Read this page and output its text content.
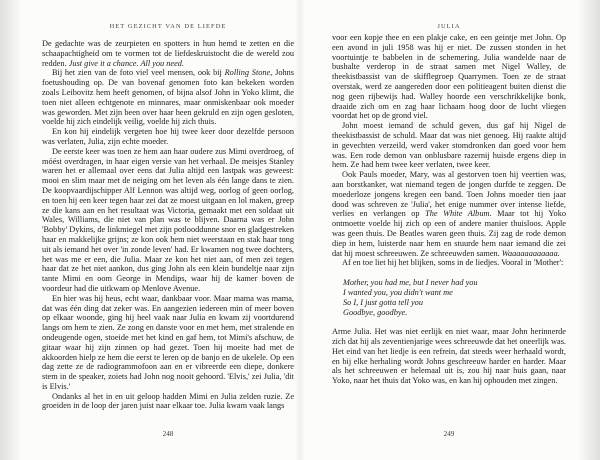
HET GEZICHT VAN DE LIEFDE

De gedachte was de zeurpieten en spotters in hun hemd te zetten en die schaapachtigheid om te vormen tot de liefdeskruistocht die de wereld zou redden. Just give it a chance. All you need.

Bij het zien van de foto viel veel mensen, ook bij Rolling Stone, Johns foetushouding op. De van bovenaf genomen foto kan bekeken worden zoals Leibovitz hem heeft genomen, of bijna alsof John in Yoko klimt, die toen niet alleen echtgenote en minnares, maar onmiskenbaar ook moeder was geworden. Met zijn been over haar heen gekruld en zijn ogen gesloten, voelde hij zich eindelijk veilig, voelde hij zich thuis.

En kon hij eindelijk vergeten hoe hij twee keer door dezelfde persoon was verlaten, Julia, zijn echte moeder.

De eerste keer was toen ze hem aan haar oudere zus Mimi overdroeg, of móést overdragen, in haar eigen versie van het verhaal. De meisjes Stanley waren het er allemaal over eens dat Julia altijd een lastpak was geweest: mooi en slim maar met de neiging om het leven als één lange dans te zien. De koopvaardijschipper Alf Lennon was altijd weg, oorlog of geen oorlog, en toen hij een keer tegen haar zei dat ze moest uitgaan en lol maken, greep ze die kans aan en het resultaat was Victoria, gemaakt met een soldaat uit Wales, Williams, die niet van plan was te blijven. Daarna was er John 'Bobby' Dykins, de linkmiegel met zijn potlooddunne snor en gladgestreken haar en makkelijke grijns; ze kon ook hem niet weerstaan en stak haar tong uit als iemand het over 'in zonde leven' had. Er kwamen nog twee dochters, het was me er een, die Julia. Maar ze kon het niet aan, of men zei tegen haar dat ze het niet aankon, dus ging John als een klein bundeltje naar zijn tante Mimi en oom George in Mendips, waar hij de kamer boven de voordeur had die uitkwam op Menlove Avenue.

En hier was hij heus, echt waar, dankbaar voor. Maar mama was mama, dat was één ding dat zeker was. En aangezien iedereen min of meer boven op elkaar woonde, ging hij heel vaak naar Julia en kwam zij voortdurend langs om hem te zien. Ze zong en danste voor en met hem, met stralende en ondeugende ogen, stoeide met het kind en gaf hem, tot Mimi's afschuw, de gitaar waar hij zijn zinnen op had gezet. Toen hij moeite had met de akkoorden hielp ze hem die eerst te leren op de banjo en de ukelele. Op een dag zette ze de radiogrammofoon aan en er vibreerde een diepe, donkere stem in de speaker, zoiets had John nog nooit gehoord. 'Elvis,' zei Julia, 'dit is Elvis.'

Ondanks al het in en uit geloop hadden Mimi en Julia zelden ruzie. Ze groeiden in de loop der jaren juist naar elkaar toe. Julia kwam vaak langs

248
JULIA

voor een kopje thee en een plakje cake, en een geintje met John. Op een avond in juli 1958 was hij er niet. De zussen stonden in het voortuintje te babbelen in de schemering. Julia wandelde naar de bushalte verderop in de straat samen met Nigel Walley, de theekistbassist van de skifflegroep Quarrymen. Toen ze de straat overstak, werd ze aangereden door een politieagent buiten dienst die nog geen rijbewijs had. Walley hoorde een verschrikkelijke bonk, draaide zich om en zag haar lichaam hoog door de lucht vliegen voordat het op de grond viel.

John moest iemand de schuld geven, dus gaf hij Nigel de theekistbassist de schuld. Maar dat was niet genoeg. Hij raakte altijd in gevechten verzeild, werd vaker stomdronken dan goed voor hem was. Een rode demon van onblusbare razernij huisde ergens diep in hem. Ze had hem twee keer verlaten, twee keer.

Ook Pauls moeder, Mary, was al gestorven toen hij veertien was, aan borstkanker, wat niemand tegen de jongen durfde te zeggen. De moederloze jongens kregen een band. Toen Johns moeder tien jaar dood was schreven ze 'Julia', het enige nummer over intense liefde, verlies en verlangen op The White Album. Maar tot hij Yoko ontmoette voelde hij zich op een of andere manier thuisloos. Apple was geen thuis. De Beatles waren geen thuis. Zij zag de rode demon diep in hem, luisterde naar hem en stuurde hem naar iemand die zei dat hij moest schreeuwen. Ze schreeuwden samen. Waaaaaaaaaaaa.

Af en toe liet hij het blijken, soms in de liedjes. Vooral in 'Mother':

Mother, you had me, but I never had you
I wanted you, you didn't want me
So I, I just gotta tell you
Goodbye, goodbye.

Arme Julia. Het was niet eerlijk en niet waar, maar John herinnerde zich dat hij als zeventienjarige wees schreeuwde dat het oneerlijk was. Het eind van het liedje is een refrein, dat steeds weer herhaald wordt, en bij elke herhaling wordt Johns geschreeuw harder en harder. Maar als het schreeuwen er helemaal uit is, zou hij naar huis gaan, naar Yoko, naar het thuis dat Yoko was, en kan hij ophouden met zingen.

249
